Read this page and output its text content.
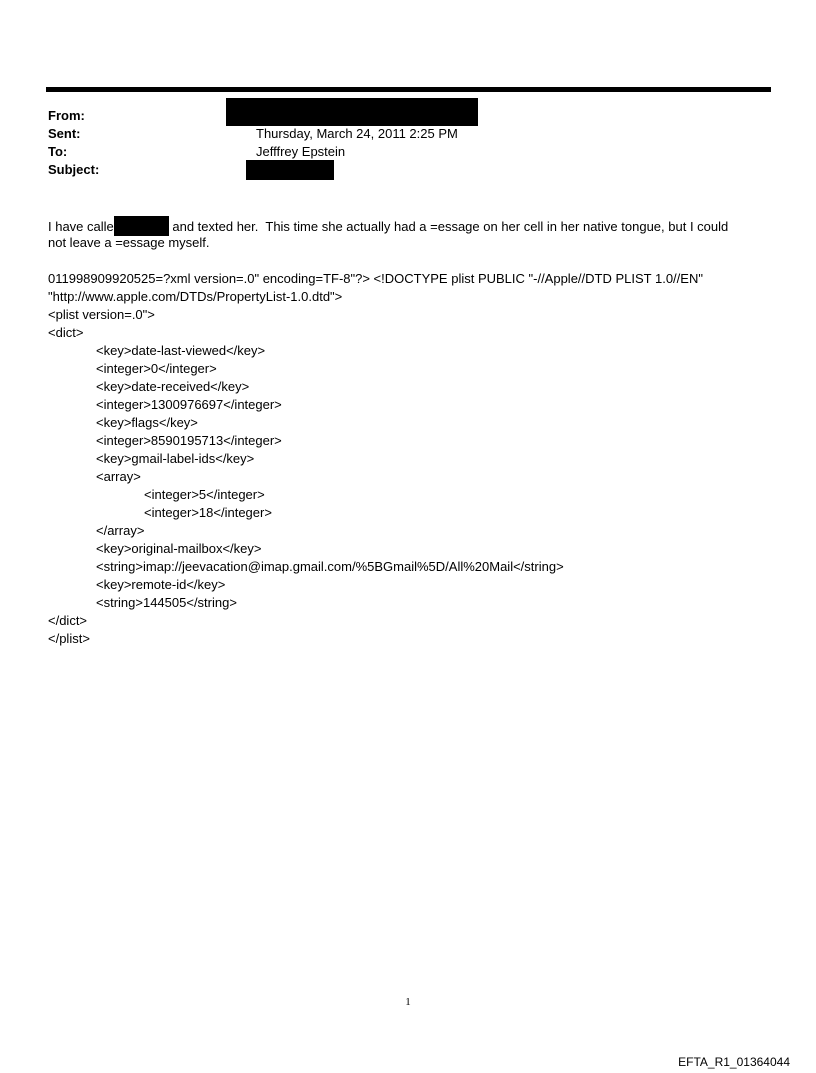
From:
Sent:	Thursday, March 24, 2011 2:25 PM
To:	Jefffrey Epstein
Subject:
I have calle	and texted her.  This time she actually had a =essage on her cell in her native tongue, but I could
not leave a =essage myself.
011998909920525=?xml version=.0" encoding=TF-8"?> <!DOCTYPE plist PUBLIC "-//Apple//DTD PLIST 1.0//EN"
"http://www.apple.com/DTDs/PropertyList-1.0.dtd">
<plist version=.0">
<dict>
<key>date-last-viewed</key>
<integer>0</integer>
<key>date-received</key>
<integer>1300976697</integer>
<key>flags</key>
<integer>8590195713</integer>
<key>gmail-label-ids</key>
<array>
<integer>5</integer>
<integer>18</integer>
</array>
<key>original-mailbox</key>
<string>imap://jeevacation@imap.gmail.com/%5BGmail%5D/All%20Mail</string>
<key>remote-id</key>
<string>144505</string>
</dict>
</plist>
1
EFTA_R1_01364044
